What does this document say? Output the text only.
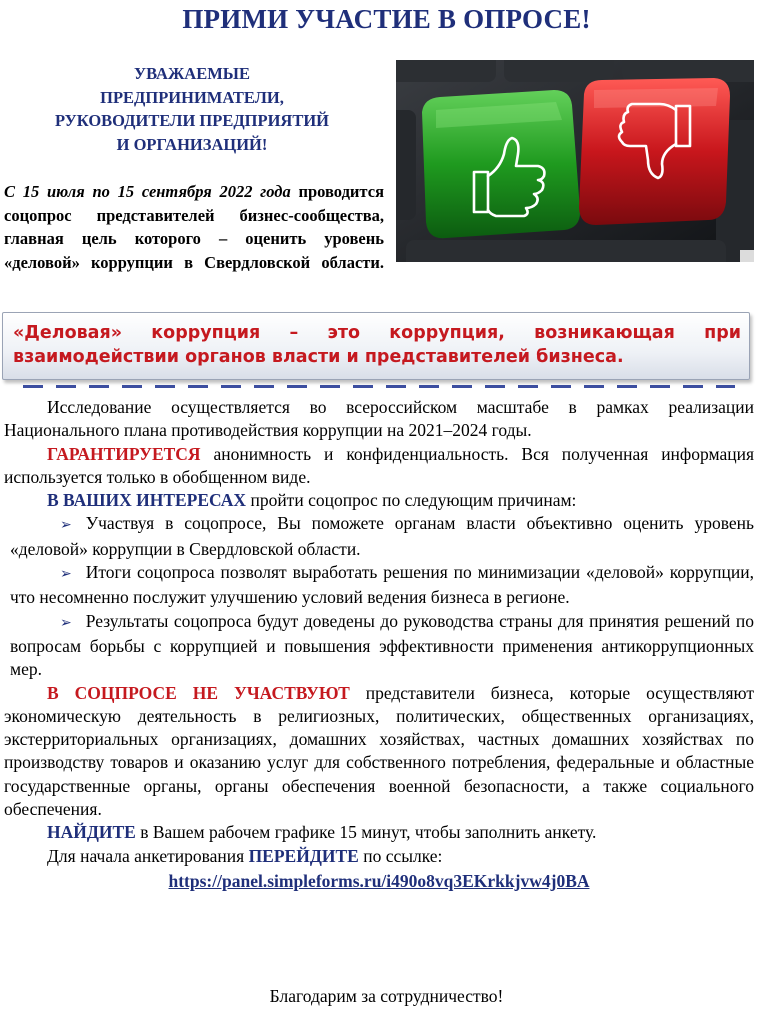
ПРИМИ УЧАСТИЕ В ОПРОСЕ!
УВАЖАЕМЫЕ
ПРЕДПРИНИМАТЕЛИ,
РУКОВОДИТЕЛИ ПРЕДПРИЯТИЙ
И ОРГАНИЗАЦИЙ!
С 15 июля по 15 сентября 2022 года проводится соцопрос представителей бизнес-сообщества, главная цель которого – оценить уровень «деловой» коррупции в Свердловской области.
«Деловая» коррупция – это коррупция, возникающая при взаимодействии органов власти и представителей бизнеса.

Исследование осуществляется во всероссийском масштабе в рамках реализации Национального плана противодействия коррупции на 2021–2024 годы.

ГАРАНТИРУЕТСЯ анонимность и конфиденциальность. Вся полученная информация используется только в обобщенном виде.

В ВАШИХ ИНТЕРЕСАХ пройти соцопрос по следующим причинам:

➢ Участвуя в соцопросе, Вы поможете органам власти объективно оценить уровень «деловой» коррупции в Свердловской области.

➢ Итоги соцопроса позволят выработать решения по минимизации «деловой» коррупции, что несомненно послужит улучшению условий ведения бизнеса в регионе.

➢ Результаты соцопроса будут доведены до руководства страны для принятия решений по вопросам борьбы с коррупцией и повышения эффективности применения антикоррупционных мер.

В СОЦПРОСЕ НЕ УЧАСТВУЮТ представители бизнеса, которые осуществляют экономическую деятельность в религиозных, политических, общественных организациях, экстерриториальных организациях, домашних хозяйствах, частных домашних хозяйствах по производству товаров и оказанию услуг для собственного потребления, федеральные и областные государственные органы, органы обеспечения военной безопасности, а также социального обеспечения.

НАЙДИТЕ в Вашем рабочем графике 15 минут, чтобы заполнить анкету.

Для начала анкетирования ПЕРЕЙДИТЕ по ссылке:

https://panel.simpleforms.ru/i490o8vq3EKrkkjvw4j0BA

Благодарим за сотрудничество!
